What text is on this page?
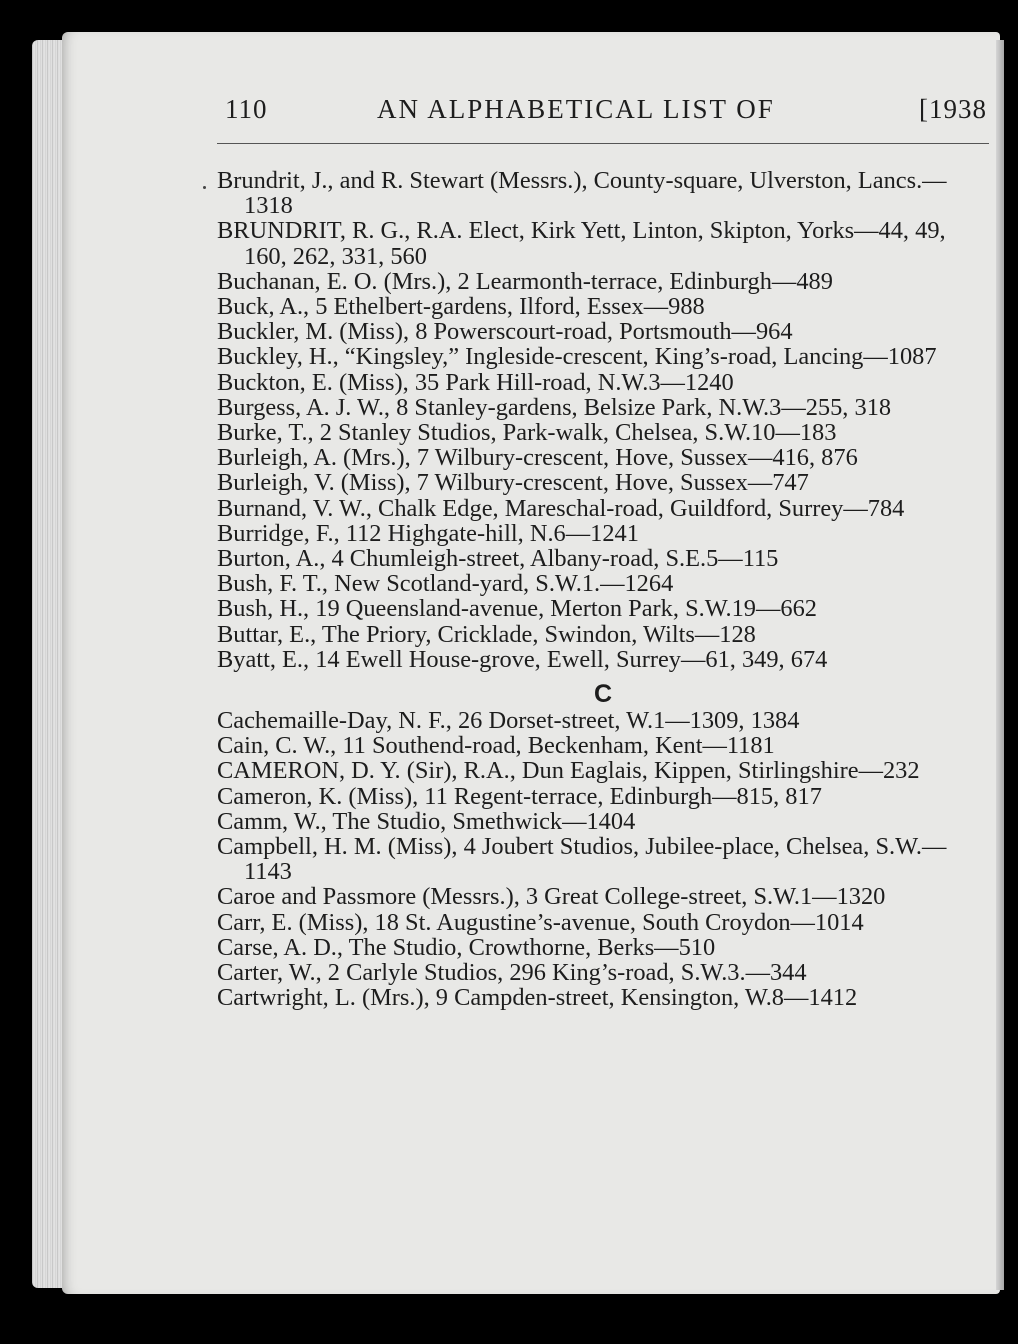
110	AN ALPHABETICAL LIST OF	[1938

Brundrit, J., and R. Stewart (Messrs.), County-square, Ulverston, Lancs.—1318

BRUNDRIT, R. G., R.A. Elect, Kirk Yett, Linton, Skipton, Yorks—44, 49, 160, 262, 331, 560

Buchanan, E. O. (Mrs.), 2 Learmonth-terrace, Edinburgh—489

Buck, A., 5 Ethelbert-gardens, Ilford, Essex—988

Buckler, M. (Miss), 8 Powerscourt-road, Portsmouth—964

Buckley, H., “Kingsley,” Ingleside-crescent, King’s-road, Lancing—1087

Buckton, E. (Miss), 35 Park Hill-road, N.W.3—1240

Burgess, A. J. W., 8 Stanley-gardens, Belsize Park, N.W.3—255, 318

Burke, T., 2 Stanley Studios, Park-walk, Chelsea, S.W.10—183

Burleigh, A. (Mrs.), 7 Wilbury-crescent, Hove, Sussex—416, 876

Burleigh, V. (Miss), 7 Wilbury-crescent, Hove, Sussex—747

Burnand, V. W., Chalk Edge, Mareschal-road, Guildford, Surrey—784

Burridge, F., 112 Highgate-hill, N.6—1241

Burton, A., 4 Chumleigh-street, Albany-road, S.E.5—115

Bush, F. T., New Scotland-yard, S.W.1.—1264

Bush, H., 19 Queensland-avenue, Merton Park, S.W.19—662

Buttar, E., The Priory, Cricklade, Swindon, Wilts—128

Byatt, E., 14 Ewell House-grove, Ewell, Surrey—61, 349, 674

C

Cachemaille-Day, N. F., 26 Dorset-street, W.1—1309, 1384

Cain, C. W., 11 Southend-road, Beckenham, Kent—1181

CAMERON, D. Y. (Sir), R.A., Dun Eaglais, Kippen, Stirlingshire—232

Cameron, K. (Miss), 11 Regent-terrace, Edinburgh—815, 817

Camm, W., The Studio, Smethwick—1404

Campbell, H. M. (Miss), 4 Joubert Studios, Jubilee-place, Chelsea, S.W.—1143

Caroe and Passmore (Messrs.), 3 Great College-street, S.W.1—1320

Carr, E. (Miss), 18 St. Augustine’s-avenue, South Croydon—1014

Carse, A. D., The Studio, Crowthorne, Berks—510

Carter, W., 2 Carlyle Studios, 296 King’s-road, S.W.3.—344

Cartwright, L. (Mrs.), 9 Campden-street, Kensington, W.8—1412
